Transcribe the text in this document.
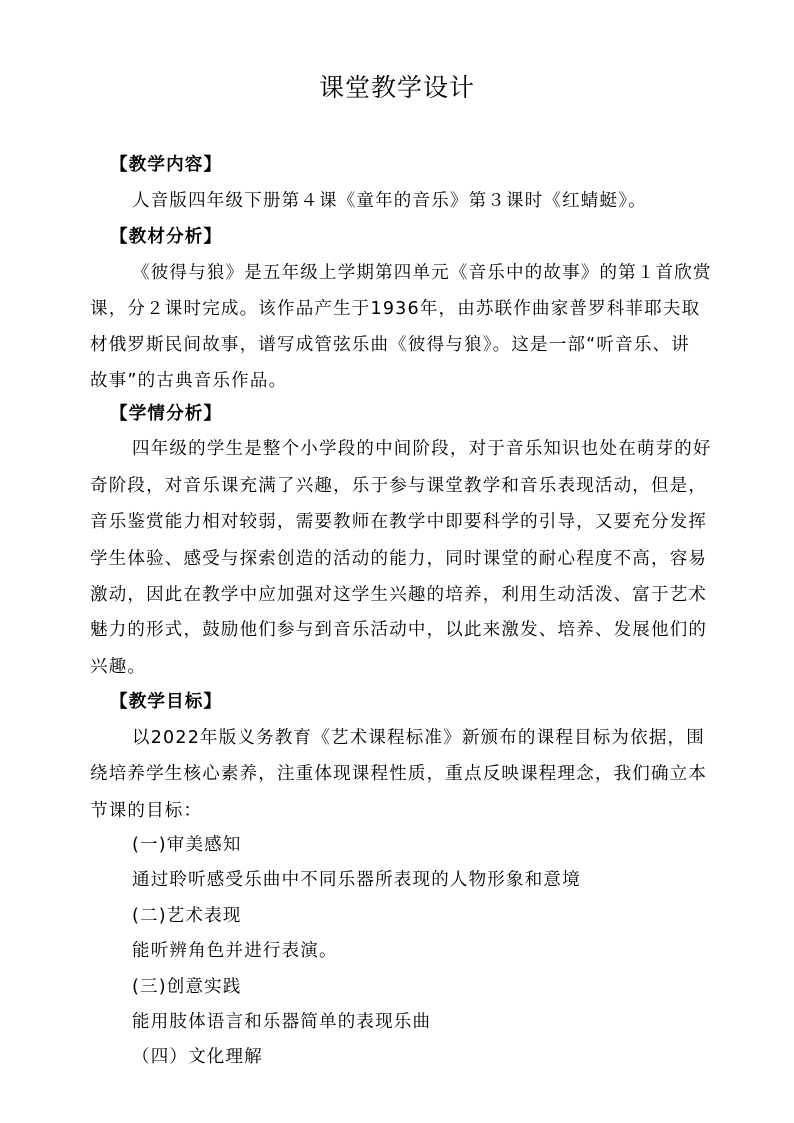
课堂教学设计
【教学内容】
人音版四年级下册第４课《童年的音乐》第３课时《红蜻蜓》。
【教材分析】
《彼得与狼》是五年级上学期第四单元《音乐中的故事》的第１首欣赏
课，分２课时完成。该作品产生于1936年，由苏联作曲家普罗科菲耶夫取
材俄罗斯民间故事，谱写成管弦乐曲《彼得与狼》。这是一部“听音乐、讲
故事”的古典音乐作品。
【学情分析】
四年级的学生是整个小学段的中间阶段，对于音乐知识也处在萌芽的好
奇阶段，对音乐课充满了兴趣，乐于参与课堂教学和音乐表现活动，但是，
音乐鉴赏能力相对较弱，需要教师在教学中即要科学的引导，又要充分发挥
学生体验、感受与探索创造的活动的能力，同时课堂的耐心程度不高，容易
激动，因此在教学中应加强对这学生兴趣的培养，利用生动活泼、富于艺术
魅力的形式，鼓励他们参与到音乐活动中，以此来激发、培养、发展他们的
兴趣。
【教学目标】
以2022年版义务教育《艺术课程标准》新颁布的课程目标为依据，围
绕培养学生核心素养，注重体现课程性质，重点反映课程理念，我们确立本
节课的目标：
(一)审美感知
通过聆听感受乐曲中不同乐器所表现的人物形象和意境
(二)艺术表现
能听辨角色并进行表演。
(三)创意实践
能用肢体语言和乐器简单的表现乐曲
（四）文化理解
